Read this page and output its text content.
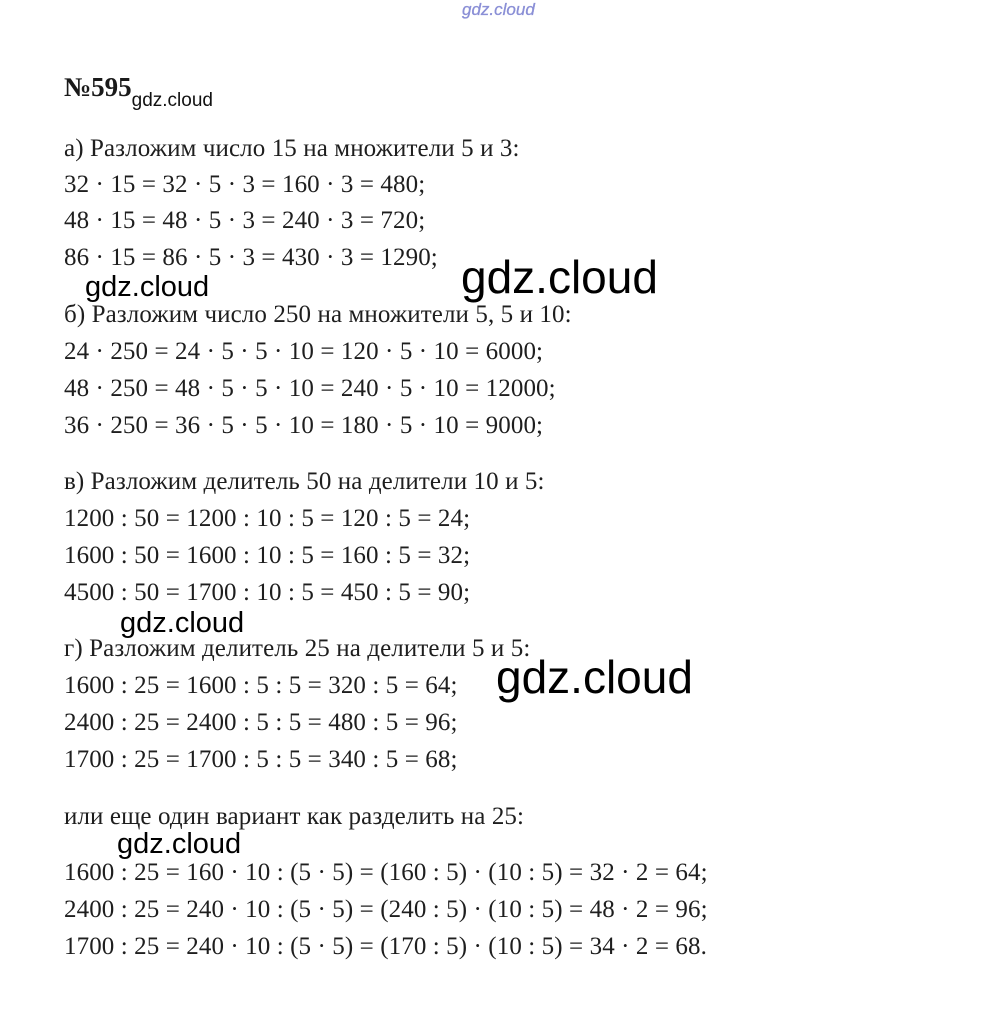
gdz.cloud
$№595_{gdz.cloud}$
а) Разложим число 15 на множители 5 и 3:
32 · 15 = 32 · 5 · 3 = 160 · 3 = 480;
48 · 15 = 48 · 5 · 3 = 240 · 3 = 720;
86 · 15 = 86 · 5 · 3 = 430 · 3 = 1290;
б) Разложим число 250 на множители 5, 5 и 10:
24 · 250 = 24 · 5 · 5 · 10 = 120 · 5 · 10 = 6000;
48 · 250 = 48 · 5 · 5 · 10 = 240 · 5 · 10 = 12000;
36 · 250 = 36 · 5 · 5 · 10 = 180 · 5 · 10 = 9000;
в) Разложим делитель 50 на делители 10 и 5:
1200 : 50 = 1200 : 10 : 5 = 120 : 5 = 24;
1600 : 50 = 1600 : 10 : 5 = 160 : 5 = 32;
4500 : 50 = 1700 : 10 : 5 = 450 : 5 = 90;
г) Разложим делитель 25 на делители 5 и 5:
1600 : 25 = 1600 : 5 : 5 = 320 : 5 = 64;
2400 : 25 = 2400 : 5 : 5 = 480 : 5 = 96;
1700 : 25 = 1700 : 5 : 5 = 340 : 5 = 68;
или еще один вариант как разделить на 25:
1600 : 25 = 160 · 10 : (5 · 5) = (160 : 5) · (10 : 5) = 32 · 2 = 64;
2400 : 25 = 240 · 10 : (5 · 5) = (240 : 5) · (10 : 5) = 48 · 2 = 96;
1700 : 25 = 240 · 10 : (5 · 5) = (170 : 5) · (10 : 5) = 34 · 2 = 68.
gdz.cloud
gdz.cloud
gdz.cloud
gdz.cloud
gdz.cloud
